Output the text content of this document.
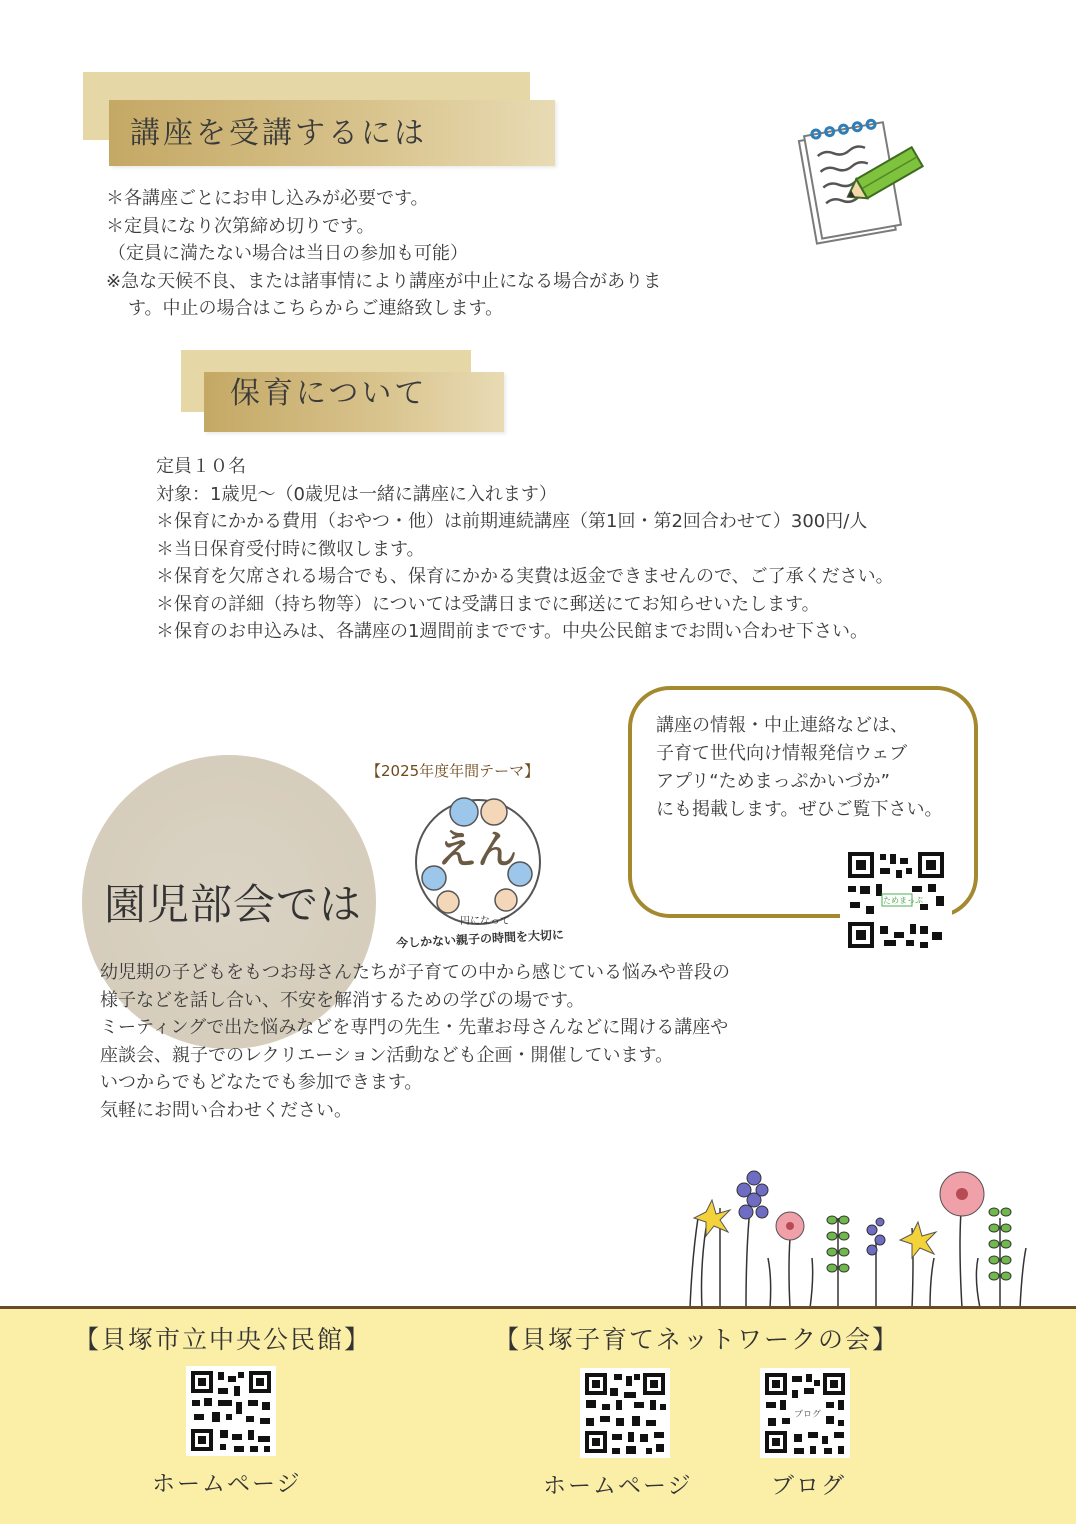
講座を受講するには
＊各講座ごとにお申し込みが必要です。
＊定員になり次第締め切りです。
（定員に満たない場合は当日の参加も可能）
※急な天候不良、または諸事情により講座が中止になる場合がありま
す。中止の場合はこちらからご連絡致します。
保育について
定員１０名
対象：1歳児～（0歳児は一緒に講座に入れます）
＊保育にかかる費用（おやつ・他）は前期連続講座（第1回・第2回合わせて）300円/人
＊当日保育受付時に徴収します。
＊保育を欠席される場合でも、保育にかかる実費は返金できませんので、ご了承ください。
＊保育の詳細（持ち物等）については受講日までに郵送にてお知らせいたします。
＊保育のお申込みは、各講座の1週間前までです。中央公民館までお問い合わせ下さい。
講座の情報・中止連絡などは、
子育て世代向け情報発信ウェブ
アプリ“ためまっぷかいづか”
にも掲載します。ぜひご覧下さい。
ためまっぷ
園児部会では
【2025年度年間テーマ】
えん
円になって
今しかない親子の時間を大切に
幼児期の子どもをもつお母さんたちが子育ての中から感じている悩みや普段の
様子などを話し合い、不安を解消するための学びの場です。
ミーティングで出た悩みなどを専門の先生・先輩お母さんなどに聞ける講座や
座談会、親子でのレクリエーション活動なども企画・開催しています。
いつからでもどなたでも参加できます。
気軽にお問い合わせください。
【貝塚市立中央公民館】	【貝塚子育てネットワークの会】
ブログ
ホームページ	ホームページ	ブログ
